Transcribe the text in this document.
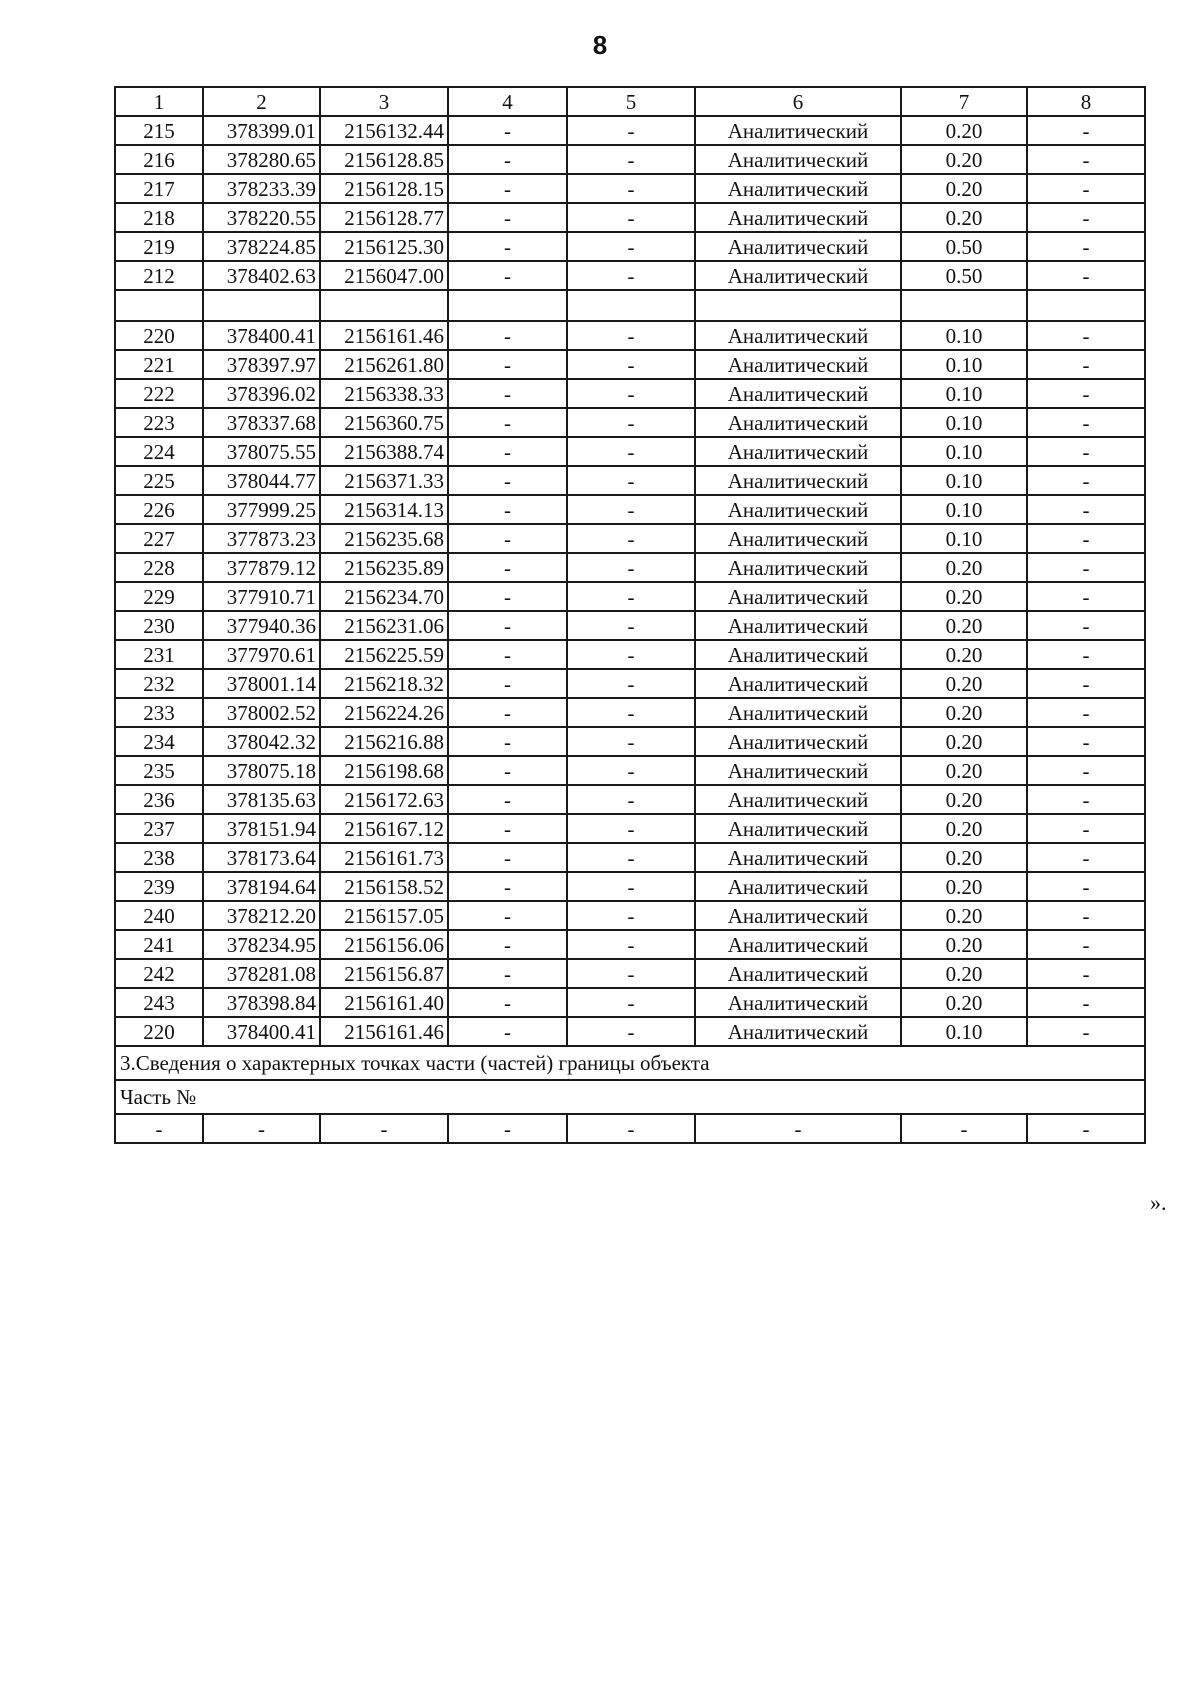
8
1	2	3	4	5	6	7	8
215	378399.01	2156132.44	-	-	Аналитический	0.20	-
216	378280.65	2156128.85	-	-	Аналитический	0.20	-
217	378233.39	2156128.15	-	-	Аналитический	0.20	-
218	378220.55	2156128.77	-	-	Аналитический	0.20	-
219	378224.85	2156125.30	-	-	Аналитический	0.50	-
212	378402.63	2156047.00	-	-	Аналитический	0.50	-

220	378400.41	2156161.46	-	-	Аналитический	0.10	-
221	378397.97	2156261.80	-	-	Аналитический	0.10	-
222	378396.02	2156338.33	-	-	Аналитический	0.10	-
223	378337.68	2156360.75	-	-	Аналитический	0.10	-
224	378075.55	2156388.74	-	-	Аналитический	0.10	-
225	378044.77	2156371.33	-	-	Аналитический	0.10	-
226	377999.25	2156314.13	-	-	Аналитический	0.10	-
227	377873.23	2156235.68	-	-	Аналитический	0.10	-
228	377879.12	2156235.89	-	-	Аналитический	0.20	-
229	377910.71	2156234.70	-	-	Аналитический	0.20	-
230	377940.36	2156231.06	-	-	Аналитический	0.20	-
231	377970.61	2156225.59	-	-	Аналитический	0.20	-
232	378001.14	2156218.32	-	-	Аналитический	0.20	-
233	378002.52	2156224.26	-	-	Аналитический	0.20	-
234	378042.32	2156216.88	-	-	Аналитический	0.20	-
235	378075.18	2156198.68	-	-	Аналитический	0.20	-
236	378135.63	2156172.63	-	-	Аналитический	0.20	-
237	378151.94	2156167.12	-	-	Аналитический	0.20	-
238	378173.64	2156161.73	-	-	Аналитический	0.20	-
239	378194.64	2156158.52	-	-	Аналитический	0.20	-
240	378212.20	2156157.05	-	-	Аналитический	0.20	-
241	378234.95	2156156.06	-	-	Аналитический	0.20	-
242	378281.08	2156156.87	-	-	Аналитический	0.20	-
243	378398.84	2156161.40	-	-	Аналитический	0.20	-
220	378400.41	2156161.46	-	-	Аналитический	0.10	-
3.Сведения о характерных точках части (частей) границы объекта							
Часть №							
-	-	-	-	-	-	-	-
».
